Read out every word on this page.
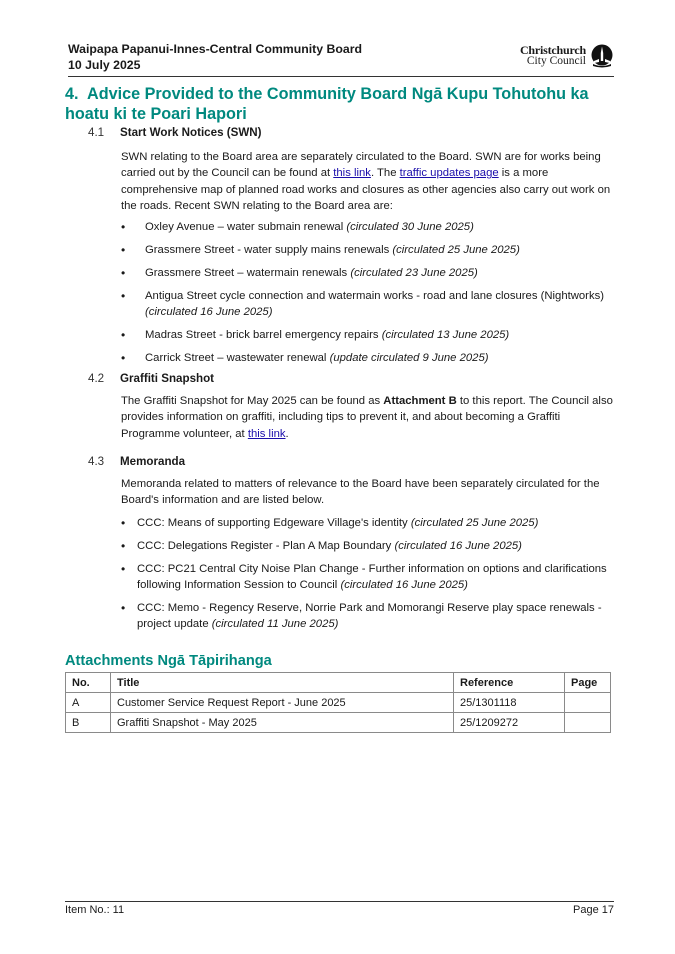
Waipapa Papanui-Innes-Central Community Board
10 July 2025
Christchurch
City Council
4. Advice Provided to the Community Board Ngā Kupu Tohutohu ka hoatu ki te Poari Hapori
4.1 Start Work Notices (SWN)
SWN relating to the Board area are separately circulated to the Board. SWN are for works being carried out by the Council can be found at this link. The traffic updates page is a more comprehensive map of planned road works and closures as other agencies also carry out work on the roads. Recent SWN relating to the Board area are:
• Oxley Avenue – water submain renewal (circulated 30 June 2025)
• Grassmere Street - water supply mains renewals (circulated 25 June 2025)
• Grassmere Street – watermain renewals (circulated 23 June 2025)
• Antigua Street cycle connection and watermain works - road and lane closures (Nightworks) (circulated 16 June 2025)
• Madras Street - brick barrel emergency repairs (circulated 13 June 2025)
• Carrick Street – wastewater renewal (update circulated 9 June 2025)
4.2 Graffiti Snapshot
The Graffiti Snapshot for May 2025 can be found as Attachment B to this report. The Council also provides information on graffiti, including tips to prevent it, and about becoming a Graffiti Programme volunteer, at this link.
4.3 Memoranda
Memoranda related to matters of relevance to the Board have been separately circulated for the Board's information and are listed below.
• CCC: Means of supporting Edgeware Village's identity (circulated 25 June 2025)
• CCC: Delegations Register - Plan A Map Boundary (circulated 16 June 2025)
• CCC: PC21 Central City Noise Plan Change - Further information on options and clarifications following Information Session to Council (circulated 16 June 2025)
• CCC: Memo - Regency Reserve, Norrie Park and Momorangi Reserve play space renewals - project update (circulated 11 June 2025)
Attachments Ngā Tāpirihanga
No.	Title	Reference	Page
A	Customer Service Request Report - June 2025	25/1301118	
B	Graffiti Snapshot - May 2025	25/1209272	
Item No.: 11	Page 17
